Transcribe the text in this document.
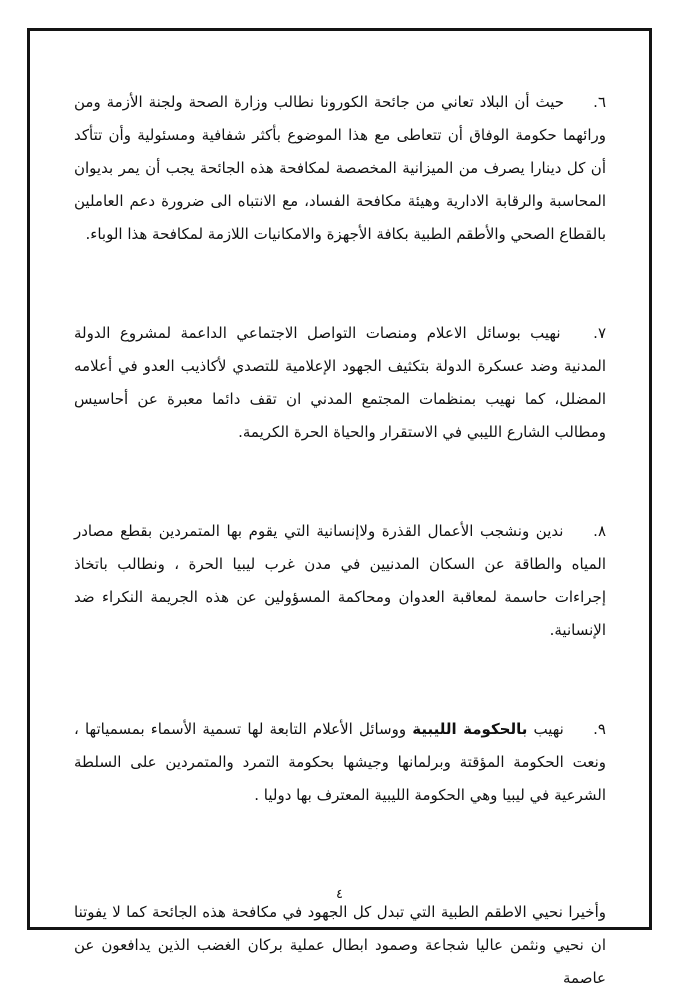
٦. حيث أن البلاد تعاني من جائحة الكورونا نطالب وزارة الصحة ولجنة الأزمة ومن ورائهما حكومة الوفاق أن تتعاطى مع هذا الموضوع بأكثر شفافية ومسئولية وأن تتأكد أن كل دينارا يصرف من الميزانية المخصصة لمكافحة هذه الجائحة يجب أن يمر بديوان المحاسبة والرقابة الادارية وهيئة مكافحة الفساد، مع الانتباه الى ضرورة دعم العاملين بالقطاع الصحي والأطقم الطبية بكافة الأجهزة والامكانيات اللازمة لمكافحة هذا الوباء.

٧. نهيب بوسائل الاعلام ومنصات التواصل الاجتماعي الداعمة لمشروع الدولة المدنية وضد عسكرة الدولة بتكثيف الجهود الإعلامية للتصدي لأكاذيب العدو في أعلامه المضلل، كما نهيب بمنظمات المجتمع المدني ان تقف دائما معبرة عن أحاسيس ومطالب الشارع الليبي في الاستقرار والحياة الحرة الكريمة.

٨. ندين ونشجب الأعمال القذرة ولاإنسانية التي يقوم بها المتمردين بقطع مصادر المياه والطاقة عن السكان المدنيين في مدن غرب ليبيا الحرة ، ونطالب باتخاذ إجراءات حاسمة لمعاقبة العدوان ومحاكمة المسؤولين عن هذه الجريمة النكراء ضد الإنسانية.

٩. نهيب بالحكومة الليبية ووسائل الأعلام التابعة لها تسمية الأسماء بمسمياتها ، ونعت الحكومة المؤقتة وبرلمانها وجيشها بحكومة التمرد والمتمردين على السلطة الشرعية في ليبيا وهي الحكومة الليبية المعترف بها دوليا .

وأخيرا نحيي الاطقم الطبية التي تبدل كل الجهود في مكافحة هذه الجائحة كما لا يفوتنا ان نحيي ونثمن عاليا شجاعة وصمود ابطال عملية بركان الغضب الذين يدافعون عن عاصمة

٤
